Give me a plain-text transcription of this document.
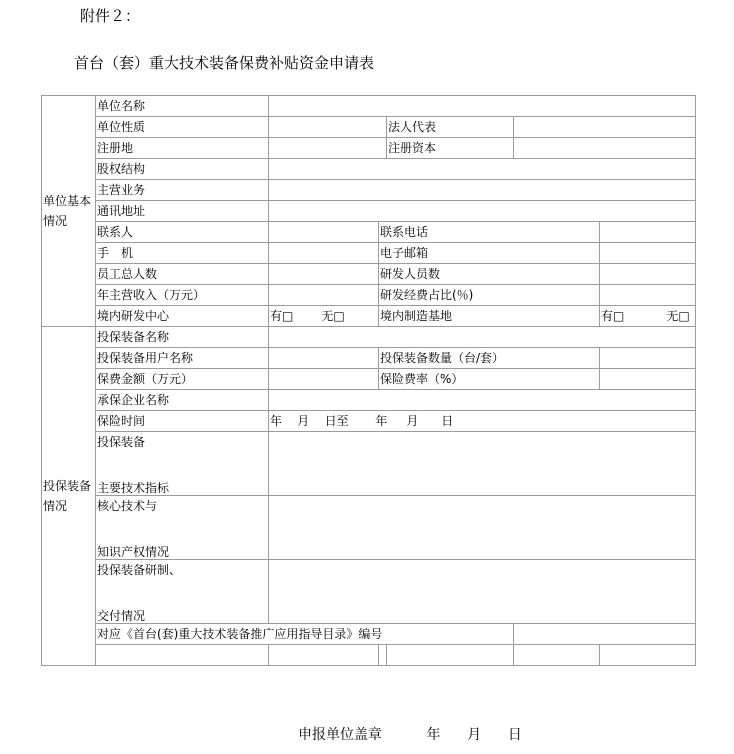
附件２：
首台（套）重大技术装备保费补贴资金申请表
单位基本情况	单位名称					
	单位性质			法人代表		
	注册地			注册资本		
	股权结构					
	主营业务					
	通讯地址					
	联系人		联系电话			
	手　机		电子邮箱			
	员工总人数		研发人员数			
	年主营收入（万元）		研发经费占比(％)			
	境内研发中心	有□ 无□	境内制造基地			有□ 无□
投保装备情况	投保装备名称					
	投保装备用户名称		投保装备数量（台/套）			
	保费金额（万元）		保险费率（%）			
	承保企业名称					
	保险时间	年 月 日至 年 月 日				

	投保装备
主要技术指标					

	核心技术与
知识产权情况					

	投保装备研制、
交付情况					

	对应《首台(套)重大技术装备推广应用指导目录》编号					

申报单位盖章	年 月 日
